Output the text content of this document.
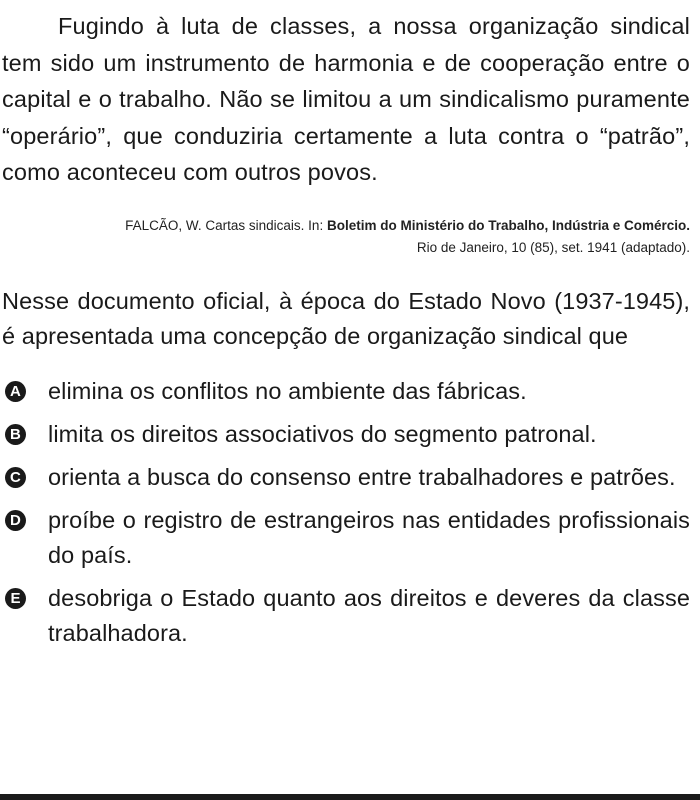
Fugindo à luta de classes, a nossa organização sindical tem sido um instrumento de harmonia e de cooperação entre o capital e o trabalho. Não se limitou a um sindicalismo puramente “operário”, que conduziria certamente a luta contra o “patrão”, como aconteceu com outros povos.

FALCÃO, W. Cartas sindicais. In: Boletim do Ministério do Trabalho, Indústria e Comércio.
Rio de Janeiro, 10 (85), set. 1941 (adaptado).

Nesse documento oficial, à época do Estado Novo (1937-1945), é apresentada uma concepção de organização sindical que

A elimina os conflitos no ambiente das fábricas.
B limita os direitos associativos do segmento patronal.
C orienta a busca do consenso entre trabalhadores e patrões.
D proíbe o registro de estrangeiros nas entidades profissionais do país.
E desobriga o Estado quanto aos direitos e deveres da classe trabalhadora.
